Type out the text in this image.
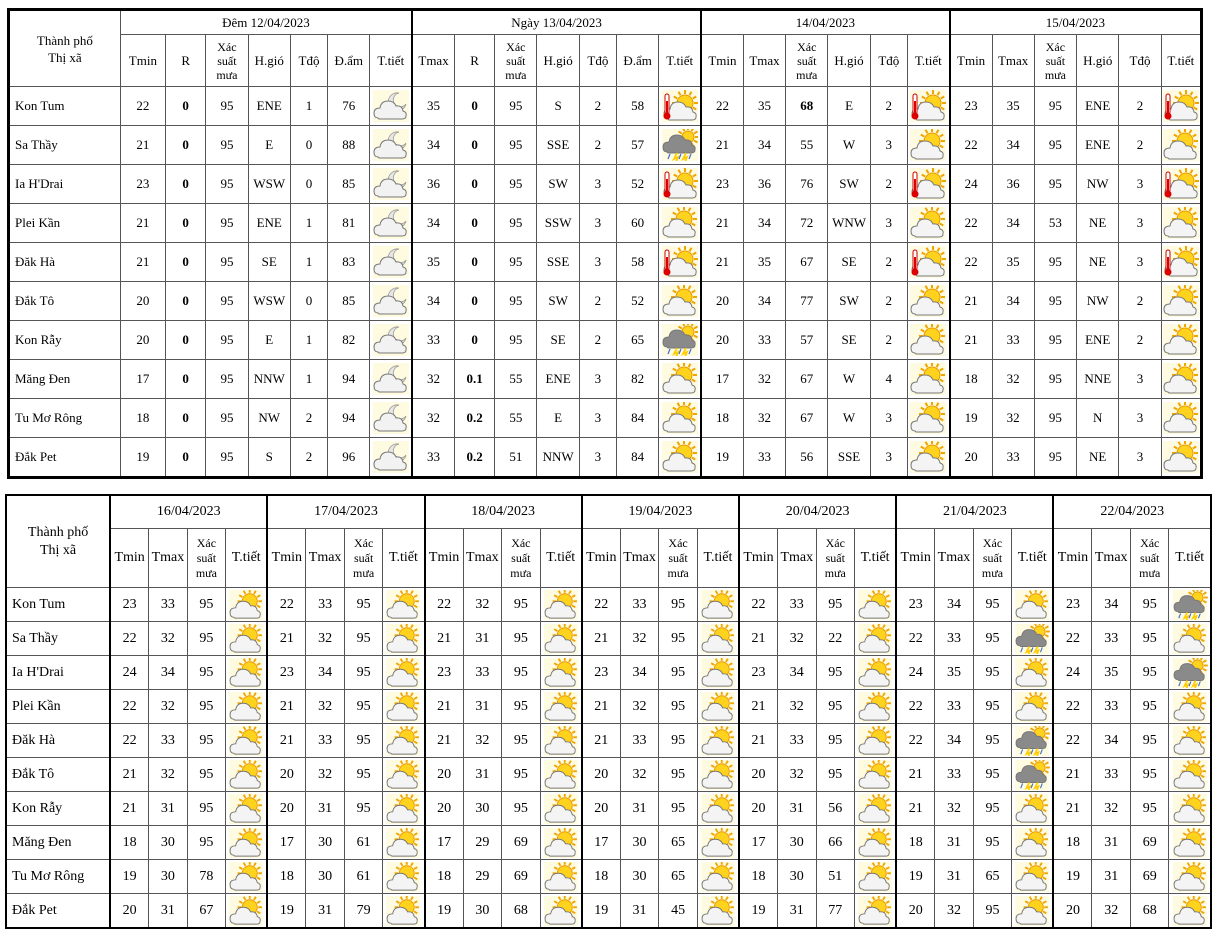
Thành phố
Thị xã	Đêm 12/04/2023							Ngày 13/04/2023							14/04/2023						15/04/2023					
	Tmin	R	Xác
suất
mưa	H.gió	Tđộ	Đ.ẩm	T.tiết	Tmax	R	Xác
suất
mưa	H.gió	Tđộ	Đ.ẩm	T.tiết	Tmin	Tmax	Xác
suất
mưa	H.gió	Tđộ	T.tiết	Tmin	Tmax	Xác
suất
mưa	H.gió	Tđộ	T.tiết
Kon Tum	22	0	95	ENE	1	76		35	0	95	S	2	58		22	35	68	E	2		23	35	95	ENE	2	

Sa Thầy	21	0	95	E	0	88		34	0	95	SSE	2	57		21	34	55	W	3		22	34	95	ENE	2	

Ia H'Drai	23	0	95	WSW	0	85		36	0	95	SW	3	52		23	36	76	SW	2		24	36	95	NW	3	

Plei Kần	21	0	95	ENE	1	81		34	0	95	SSW	3	60		21	34	72	WNW	3		22	34	53	NE	3	

Đăk Hà	21	0	95	SE	1	83		35	0	95	SSE	3	58		21	35	67	SE	2		22	35	95	NE	3	

Đắk Tô	20	0	95	WSW	0	85		34	0	95	SW	2	52		20	34	77	SW	2		21	34	95	NW	2	

Kon Rẫy	20	0	95	E	1	82		33	0	95	SE	2	65		20	33	57	SE	2		21	33	95	ENE	2	

Măng Đen	17	0	95	NNW	1	94		32	0.1	55	ENE	3	82		17	32	67	W	4		18	32	95	NNE	3	

Tu Mơ Rông	18	0	95	NW	2	94		32	0.2	55	E	3	84		18	32	67	W	3		19	32	95	N	3	

Đắk Pet	19	0	95	S	2	96		33	0.2	51	NNW	3	84		19	33	56	SSE	3		20	33	95	NE	3	
Thành phố
Thị xã	16/04/2023				17/04/2023				18/04/2023				19/04/2023				20/04/2023				21/04/2023				22/04/2023			
	Tmin	Tmax	Xác
suất
mưa	T.tiết	Tmin	Tmax	Xác
suất
mưa	T.tiết	Tmin	Tmax	Xác
suất
mưa	T.tiết	Tmin	Tmax	Xác
suất
mưa	T.tiết	Tmin	Tmax	Xác
suất
mưa	T.tiết	Tmin	Tmax	Xác
suất
mưa	T.tiết	Tmin	Tmax	Xác
suất
mưa	T.tiết
Kon Tum	23	33	95		22	33	95		22	32	95		22	33	95		22	33	95		23	34	95		23	34	95	

Sa Thầy	22	32	95		21	32	95		21	31	95		21	32	95		21	32	22		22	33	95		22	33	95	

Ia H'Drai	24	34	95		23	34	95		23	33	95		23	34	95		23	34	95		24	35	95		24	35	95	

Plei Kần	22	32	95		21	32	95		21	31	95		21	32	95		21	32	95		22	33	95		22	33	95	

Đăk Hà	22	33	95		21	33	95		21	32	95		21	33	95		21	33	95		22	34	95		22	34	95	

Đắk Tô	21	32	95		20	32	95		20	31	95		20	32	95		20	32	95		21	33	95		21	33	95	

Kon Rẫy	21	31	95		20	31	95		20	30	95		20	31	95		20	31	56		21	32	95		21	32	95	

Măng Đen	18	30	95		17	30	61		17	29	69		17	30	65		17	30	66		18	31	95		18	31	69	

Tu Mơ Rông	19	30	78		18	30	61		18	29	69		18	30	65		18	30	51		19	31	65		19	31	69	

Đắk Pet	20	31	67		19	31	79		19	30	68		19	31	45		19	31	77		20	32	95		20	32	68	
